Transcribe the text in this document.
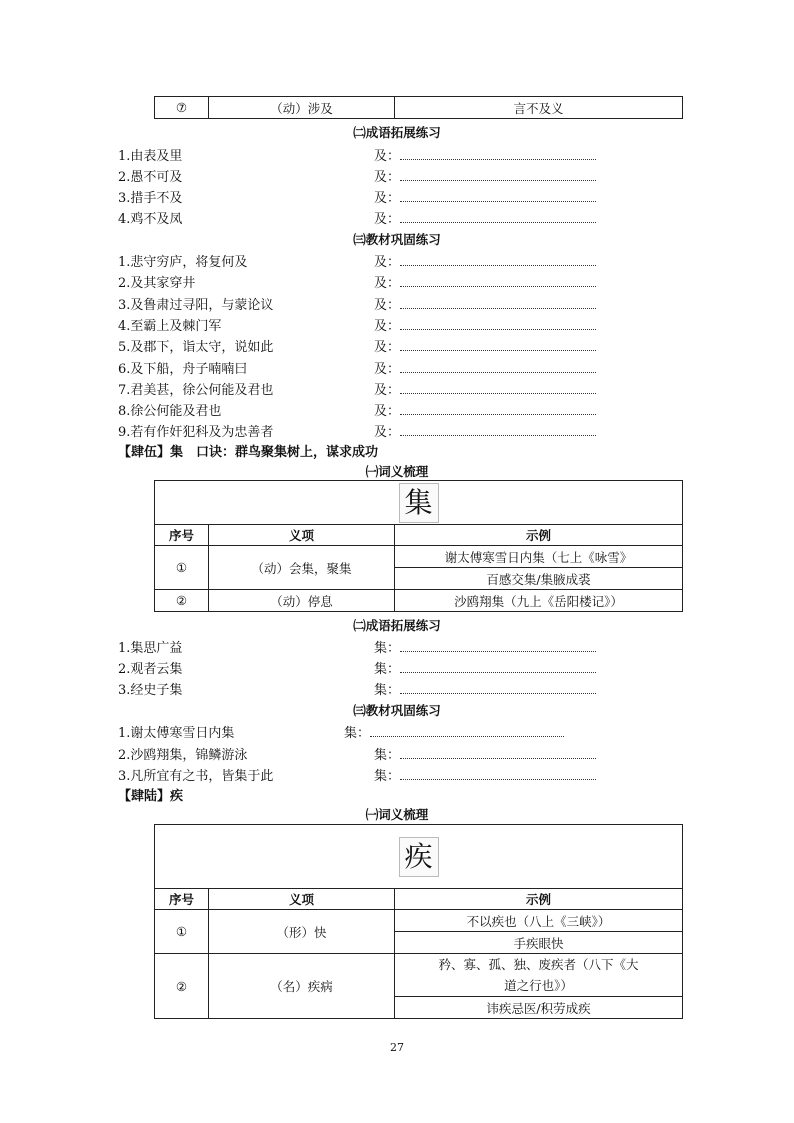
⑦	（动）涉及	言不及义
㈡成语拓展练习
1.由表及里	及：
2.愚不可及	及：
3.措手不及	及：
4.鸡不及凤	及：
㈢教材巩固练习
1.悲守穷庐，将复何及	及：
2.及其家穿井	及：
3.及鲁肃过寻阳，与蒙论议	及：
4.至霸上及棘门军	及：
5.及郡下，诣太守，说如此	及：
6.及下船，舟子喃喃曰	及：
7.君美甚，徐公何能及君也	及：
8.徐公何能及君也	及：
9.若有作奸犯科及为忠善者	及：
【肆伍】集　口诀：群鸟聚集树上，谋求成功
㈠词义梳理
集		
序号	义项	示例
①	（动）会集，聚集	谢太傅寒雪日内集（七上《咏雪》
		百感交集/集腋成裘
②	（动）停息	沙鸥翔集（九上《岳阳楼记》）
㈡成语拓展练习
1.集思广益	集：
2.观者云集	集：
3.经史子集	集：
㈢教材巩固练习
1.谢太傅寒雪日内集	集：
2.沙鸥翔集，锦鳞游泳	集：
3.凡所宜有之书，皆集于此	集：
【肆陆】疾
㈠词义梳理
疾		
序号	义项	示例
①	（形）快	不以疾也（八上《三峡》）
		手疾眼快
②	（名）疾病	矜、寡、孤、独、废疾者（八下《大道之行也》）
		讳疾忌医/积劳成疾
27
